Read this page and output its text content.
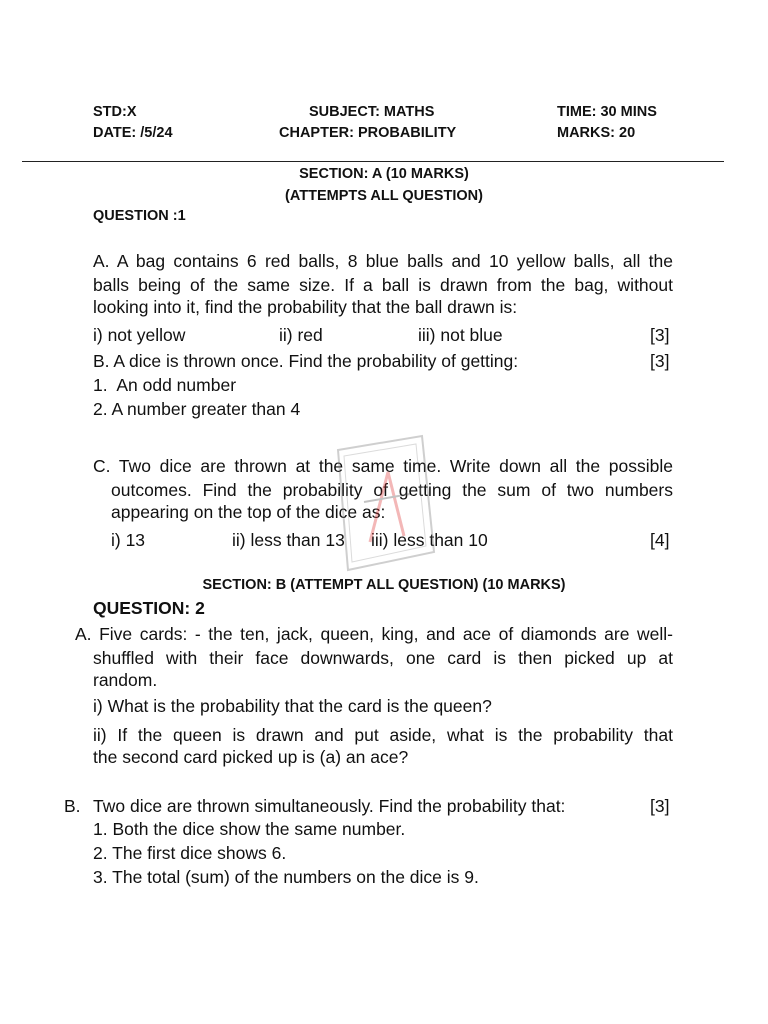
STD:X	SUBJECT: MATHS	TIME: 30 MINS
DATE: /5/24	CHAPTER: PROBABILITY	MARKS: 20
SECTION: A (10 MARKS)
(ATTEMPTS ALL QUESTION)
QUESTION :1
A. A bag contains 6 red balls, 8 blue balls and 10 yellow balls, all the
balls being of the same size. If a ball is drawn from the bag, without
looking into it, find the probability that the ball drawn is:
i) not yellow	ii) red	iii) not blue	[3]
B. A dice is thrown once. Find the probability of getting:	[3]
1.  An odd number
2. A number greater than 4
C. Two dice are thrown at the same time. Write down all the possible
outcomes. Find the probability of getting the sum of two numbers
appearing on the top of the dice as:
i) 13	ii) less than 13 iii) less than 10	[4]
SECTION: B (ATTEMPT ALL QUESTION) (10 MARKS)
QUESTION: 2
A. Five cards: - the ten, jack, queen, king, and ace of diamonds are well-
shuffled with their face downwards, one card is then picked up at
random.
i) What is the probability that the card is the queen?
ii) If the queen is drawn and put aside, what is the probability that
the second card picked up is (a) an ace?
B. Two dice are thrown simultaneously. Find the probability that:	[3]
1. Both the dice show the same number.
2. The first dice shows 6.
3. The total (sum) of the numbers on the dice is 9.
